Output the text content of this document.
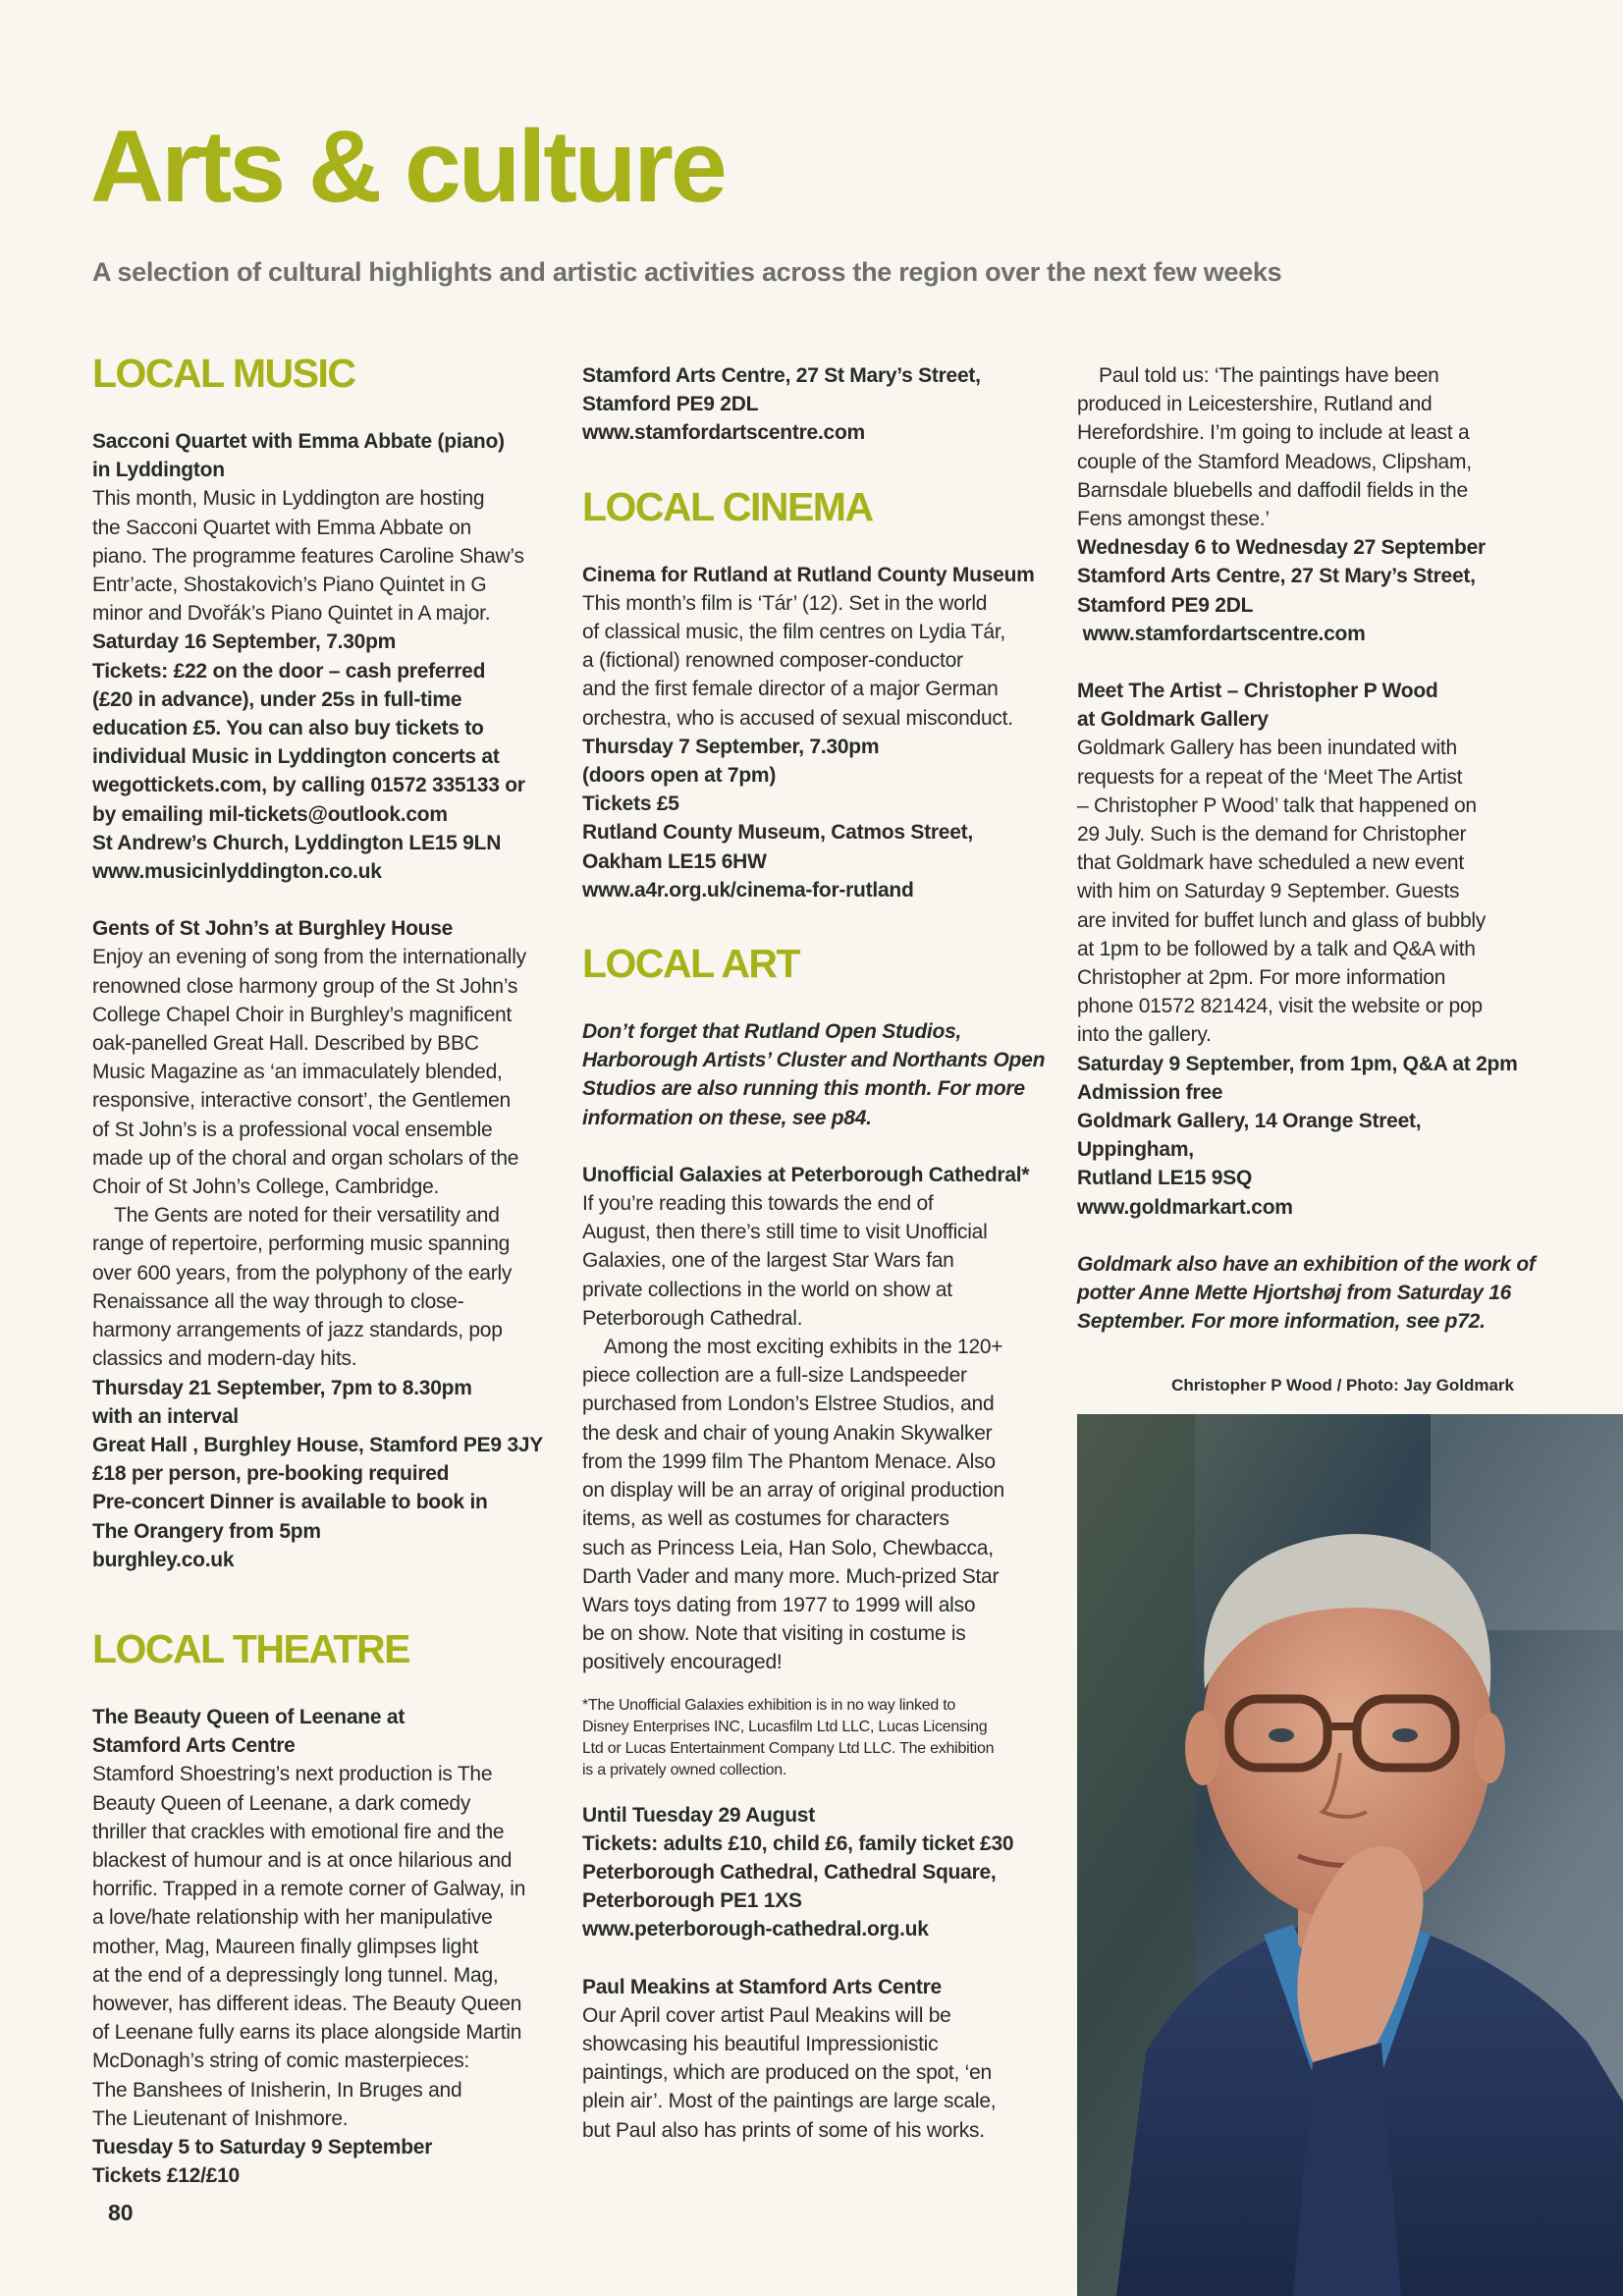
Arts & culture
A selection of cultural highlights and artistic activities across the region over the next few weeks
LOCAL MUSIC
Sacconi Quartet with Emma Abbate (piano)
in Lyddington
This month, Music in Lyddington are hosting
the Sacconi Quartet with Emma Abbate on
piano. The programme features Caroline Shaw’s
Entr’acte, Shostakovich’s Piano Quintet in G
minor and Dvořák’s Piano Quintet in A major.
Saturday 16 September, 7.30pm
Tickets: £22 on the door – cash preferred
(£20 in advance), under 25s in full-time
education £5. You can also buy tickets to
individual Music in Lyddington concerts at
wegottickets.com, by calling 01572 335133 or
by emailing mil-tickets@outlook.com
St Andrew’s Church, Lyddington LE15 9LN
www.musicinlyddington.co.uk
Gents of St John’s at Burghley House
Enjoy an evening of song from the internationally
renowned close harmony group of the St John’s
College Chapel Choir in Burghley’s magnificent
oak-panelled Great Hall. Described by BBC
Music Magazine as ‘an immaculately blended,
responsive, interactive consort’, the Gentlemen
of St John’s is a professional vocal ensemble
made up of the choral and organ scholars of the
Choir of St John’s College, Cambridge.
The Gents are noted for their versatility and
range of repertoire, performing music spanning
over 600 years, from the polyphony of the early
Renaissance all the way through to close-
harmony arrangements of jazz standards, pop
classics and modern-day hits.
Thursday 21 September, 7pm to 8.30pm
with an interval
Great Hall , Burghley House, Stamford PE9 3JY
£18 per person, pre-booking required
Pre-concert Dinner is available to book in
The Orangery from 5pm
burghley.co.uk
LOCAL THEATRE
The Beauty Queen of Leenane at
Stamford Arts Centre
Stamford Shoestring’s next production is The
Beauty Queen of Leenane, a dark comedy
thriller that crackles with emotional fire and the
blackest of humour and is at once hilarious and
horrific. Trapped in a remote corner of Galway, in
a love/hate relationship with her manipulative
mother, Mag, Maureen finally glimpses light
at the end of a depressingly long tunnel. Mag,
however, has different ideas. The Beauty Queen
of Leenane fully earns its place alongside Martin
McDonagh’s string of comic masterpieces:
The Banshees of Inisherin, In Bruges and
The Lieutenant of Inishmore.
Tuesday 5 to Saturday 9 September
Tickets £12/£10
Stamford Arts Centre, 27 St Mary’s Street,
Stamford PE9 2DL
www.stamfordartscentre.com
LOCAL CINEMA
Cinema for Rutland at Rutland County Museum
This month’s film is ‘Tár’ (12). Set in the world
of classical music, the film centres on Lydia Tár,
a (fictional) renowned composer-conductor
and the first female director of a major German
orchestra, who is accused of sexual misconduct.
Thursday 7 September, 7.30pm
(doors open at 7pm)
Tickets £5
Rutland County Museum, Catmos Street,
Oakham LE15 6HW
www.a4r.org.uk/cinema-for-rutland
LOCAL ART
Don’t forget that Rutland Open Studios,
Harborough Artists’ Cluster and Northants Open
Studios are also running this month. For more
information on these, see p84.
Unofficial Galaxies at Peterborough Cathedral*
If you’re reading this towards the end of
August, then there’s still time to visit Unofficial
Galaxies, one of the largest Star Wars fan
private collections in the world on show at
Peterborough Cathedral.
Among the most exciting exhibits in the 120+
piece collection are a full-size Landspeeder
purchased from London’s Elstree Studios, and
the desk and chair of young Anakin Skywalker
from the 1999 film The Phantom Menace. Also
on display will be an array of original production
items, as well as costumes for characters
such as Princess Leia, Han Solo, Chewbacca,
Darth Vader and many more. Much-prized Star
Wars toys dating from 1977 to 1999 will also
be on show. Note that visiting in costume is
positively encouraged!
*The Unofficial Galaxies exhibition is in no way linked to
Disney Enterprises INC, Lucasfilm Ltd LLC, Lucas Licensing
Ltd or Lucas Entertainment Company Ltd LLC. The exhibition
is a privately owned collection.
Until Tuesday 29 August
Tickets: adults £10, child £6, family ticket £30
Peterborough Cathedral, Cathedral Square,
Peterborough PE1 1XS
www.peterborough-cathedral.org.uk
Paul Meakins at Stamford Arts Centre
Our April cover artist Paul Meakins will be
showcasing his beautiful Impressionistic
paintings, which are produced on the spot, ‘en
plein air’. Most of the paintings are large scale,
but Paul also has prints of some of his works.
Paul told us: ‘The paintings have been
produced in Leicestershire, Rutland and
Herefordshire. I’m going to include at least a
couple of the Stamford Meadows, Clipsham,
Barnsdale bluebells and daffodil fields in the
Fens amongst these.’
Wednesday 6 to Wednesday 27 September
Stamford Arts Centre, 27 St Mary’s Street,
Stamford PE9 2DL
www.stamfordartscentre.com
Meet The Artist – Christopher P Wood
at Goldmark Gallery
Goldmark Gallery has been inundated with
requests for a repeat of the ‘Meet The Artist
– Christopher P Wood’ talk that happened on
29 July. Such is the demand for Christopher
that Goldmark have scheduled a new event
with him on Saturday 9 September. Guests
are invited for buffet lunch and glass of bubbly
at 1pm to be followed by a talk and Q&A with
Christopher at 2pm. For more information
phone 01572 821424, visit the website or pop
into the gallery.
Saturday 9 September, from 1pm, Q&A at 2pm
Admission free
Goldmark Gallery, 14 Orange Street, Uppingham,
Rutland LE15 9SQ
www.goldmarkart.com
Goldmark also have an exhibition of the work of
potter Anne Mette Hjortshøj from Saturday 16
September. For more information, see p72.
Christopher P Wood / Photo: Jay Goldmark
80
